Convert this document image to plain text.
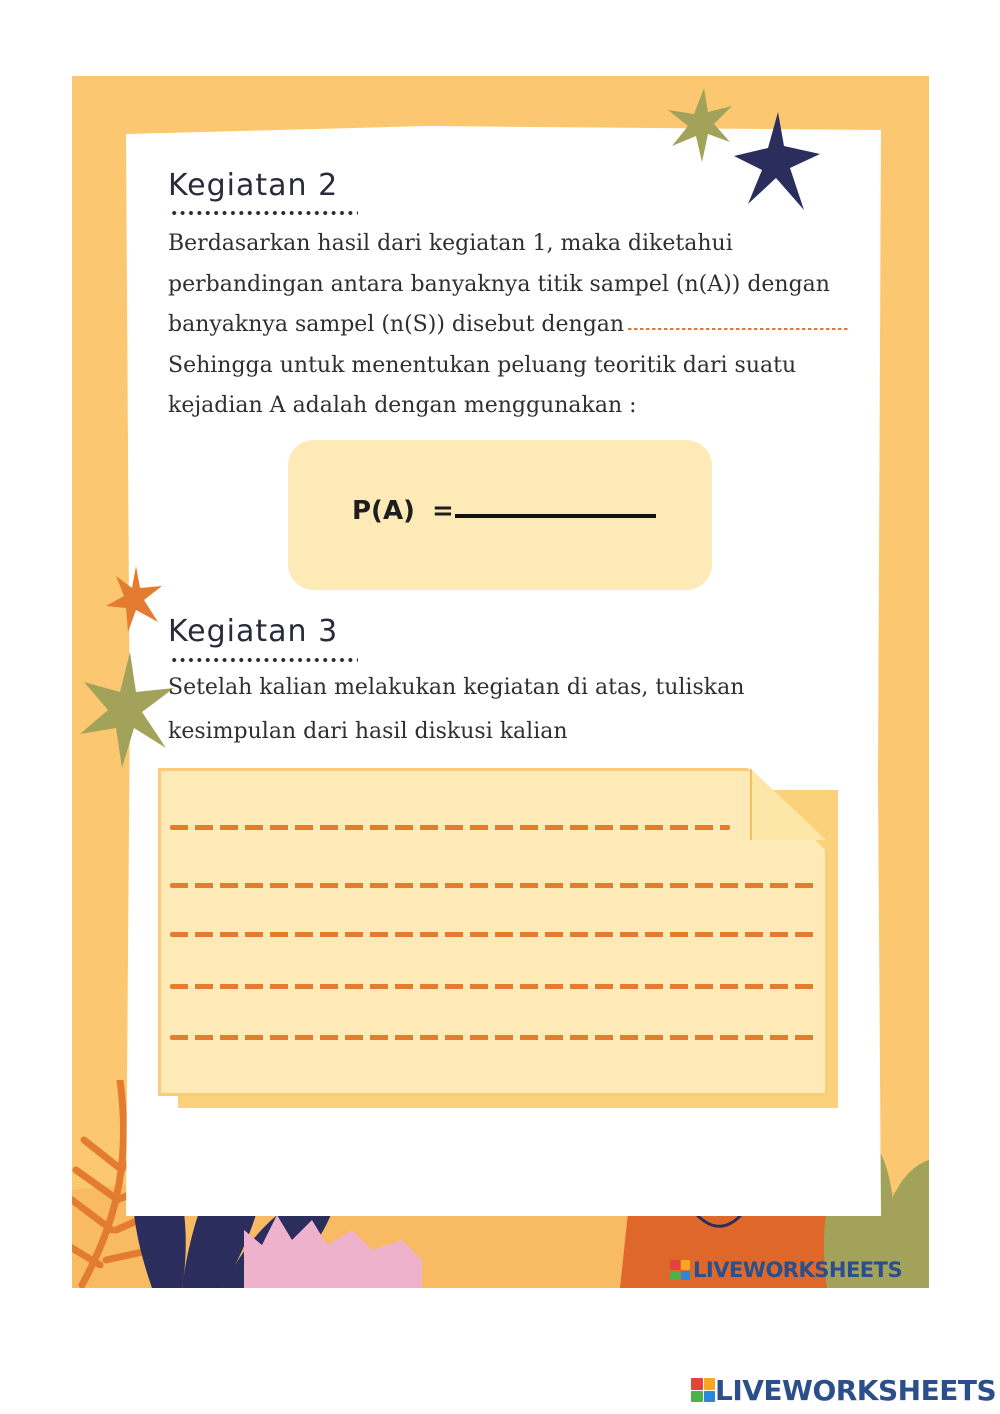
Kegiatan 2

Berdasarkan hasil dari kegiatan 1, maka diketahui

perbandingan antara banyaknya titik sampel (n(A)) dengan

banyaknya sampel (n(S)) disebut dengan

Sehingga untuk menentukan peluang teoritik dari suatu

kejadian A adalah dengan menggunakan :

P(A) =
Kegiatan 3

Setelah kalian melakukan kegiatan di atas, tuliskan

kesimpulan dari hasil diskusi kalian

LIVEWORKSHEETS
LIVEWORKSHEETS
